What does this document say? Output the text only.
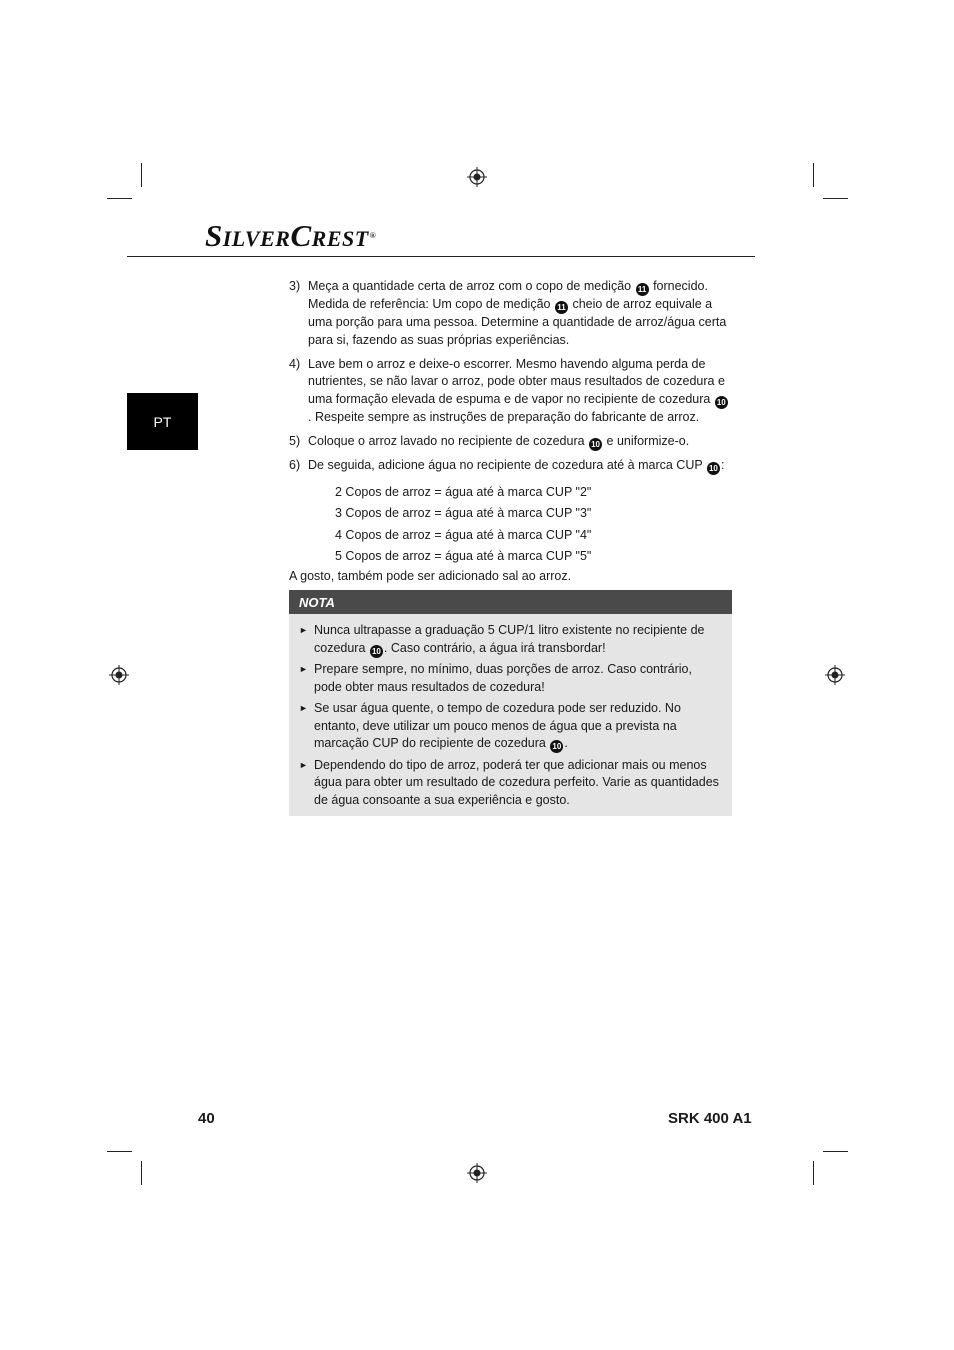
SILVERCREST®
PT
3) Meça a quantidade certa de arroz com o copo de medição 11 fornecido. Medida de referência: Um copo de medição 11 cheio de arroz equivale a uma porção para uma pessoa. Determine a quantidade de arroz/água certa para si, fazendo as suas próprias experiências.
4) Lave bem o arroz e deixe-o escorrer. Mesmo havendo alguma perda de nutrientes, se não lavar o arroz, pode obter maus resultados de cozedura e uma formação elevada de espuma e de vapor no recipiente de cozedura 10. Respeite sempre as instruções de preparação do fabricante de arroz.
5) Coloque o arroz lavado no recipiente de cozedura 10 e uniformize-o.
6) De seguida, adicione água no recipiente de cozedura até à marca CUP 10 :
2 Copos de arroz = água até à marca CUP "2"
3 Copos de arroz = água até à marca CUP "3"
4 Copos de arroz = água até à marca CUP "4"
5 Copos de arroz = água até à marca CUP "5"
A gosto, também pode ser adicionado sal ao arroz.
NOTA
► Nunca ultrapasse a graduação 5 CUP/1 litro existente no recipiente de cozedura 10 . Caso contrário, a água irá transbordar!
► Prepare sempre, no mínimo, duas porções de arroz. Caso contrário, pode obter maus resultados de cozedura!
► Se usar água quente, o tempo de cozedura pode ser reduzido. No entanto, deve utilizar um pouco menos de água que a prevista na marcação CUP do recipiente de cozedura 10 .
► Dependendo do tipo de arroz, poderá ter que adicionar mais ou menos água para obter um resultado de cozedura perfeito. Varie as quantidades de água consoante a sua experiência e gosto.
40	SRK 400 A1
